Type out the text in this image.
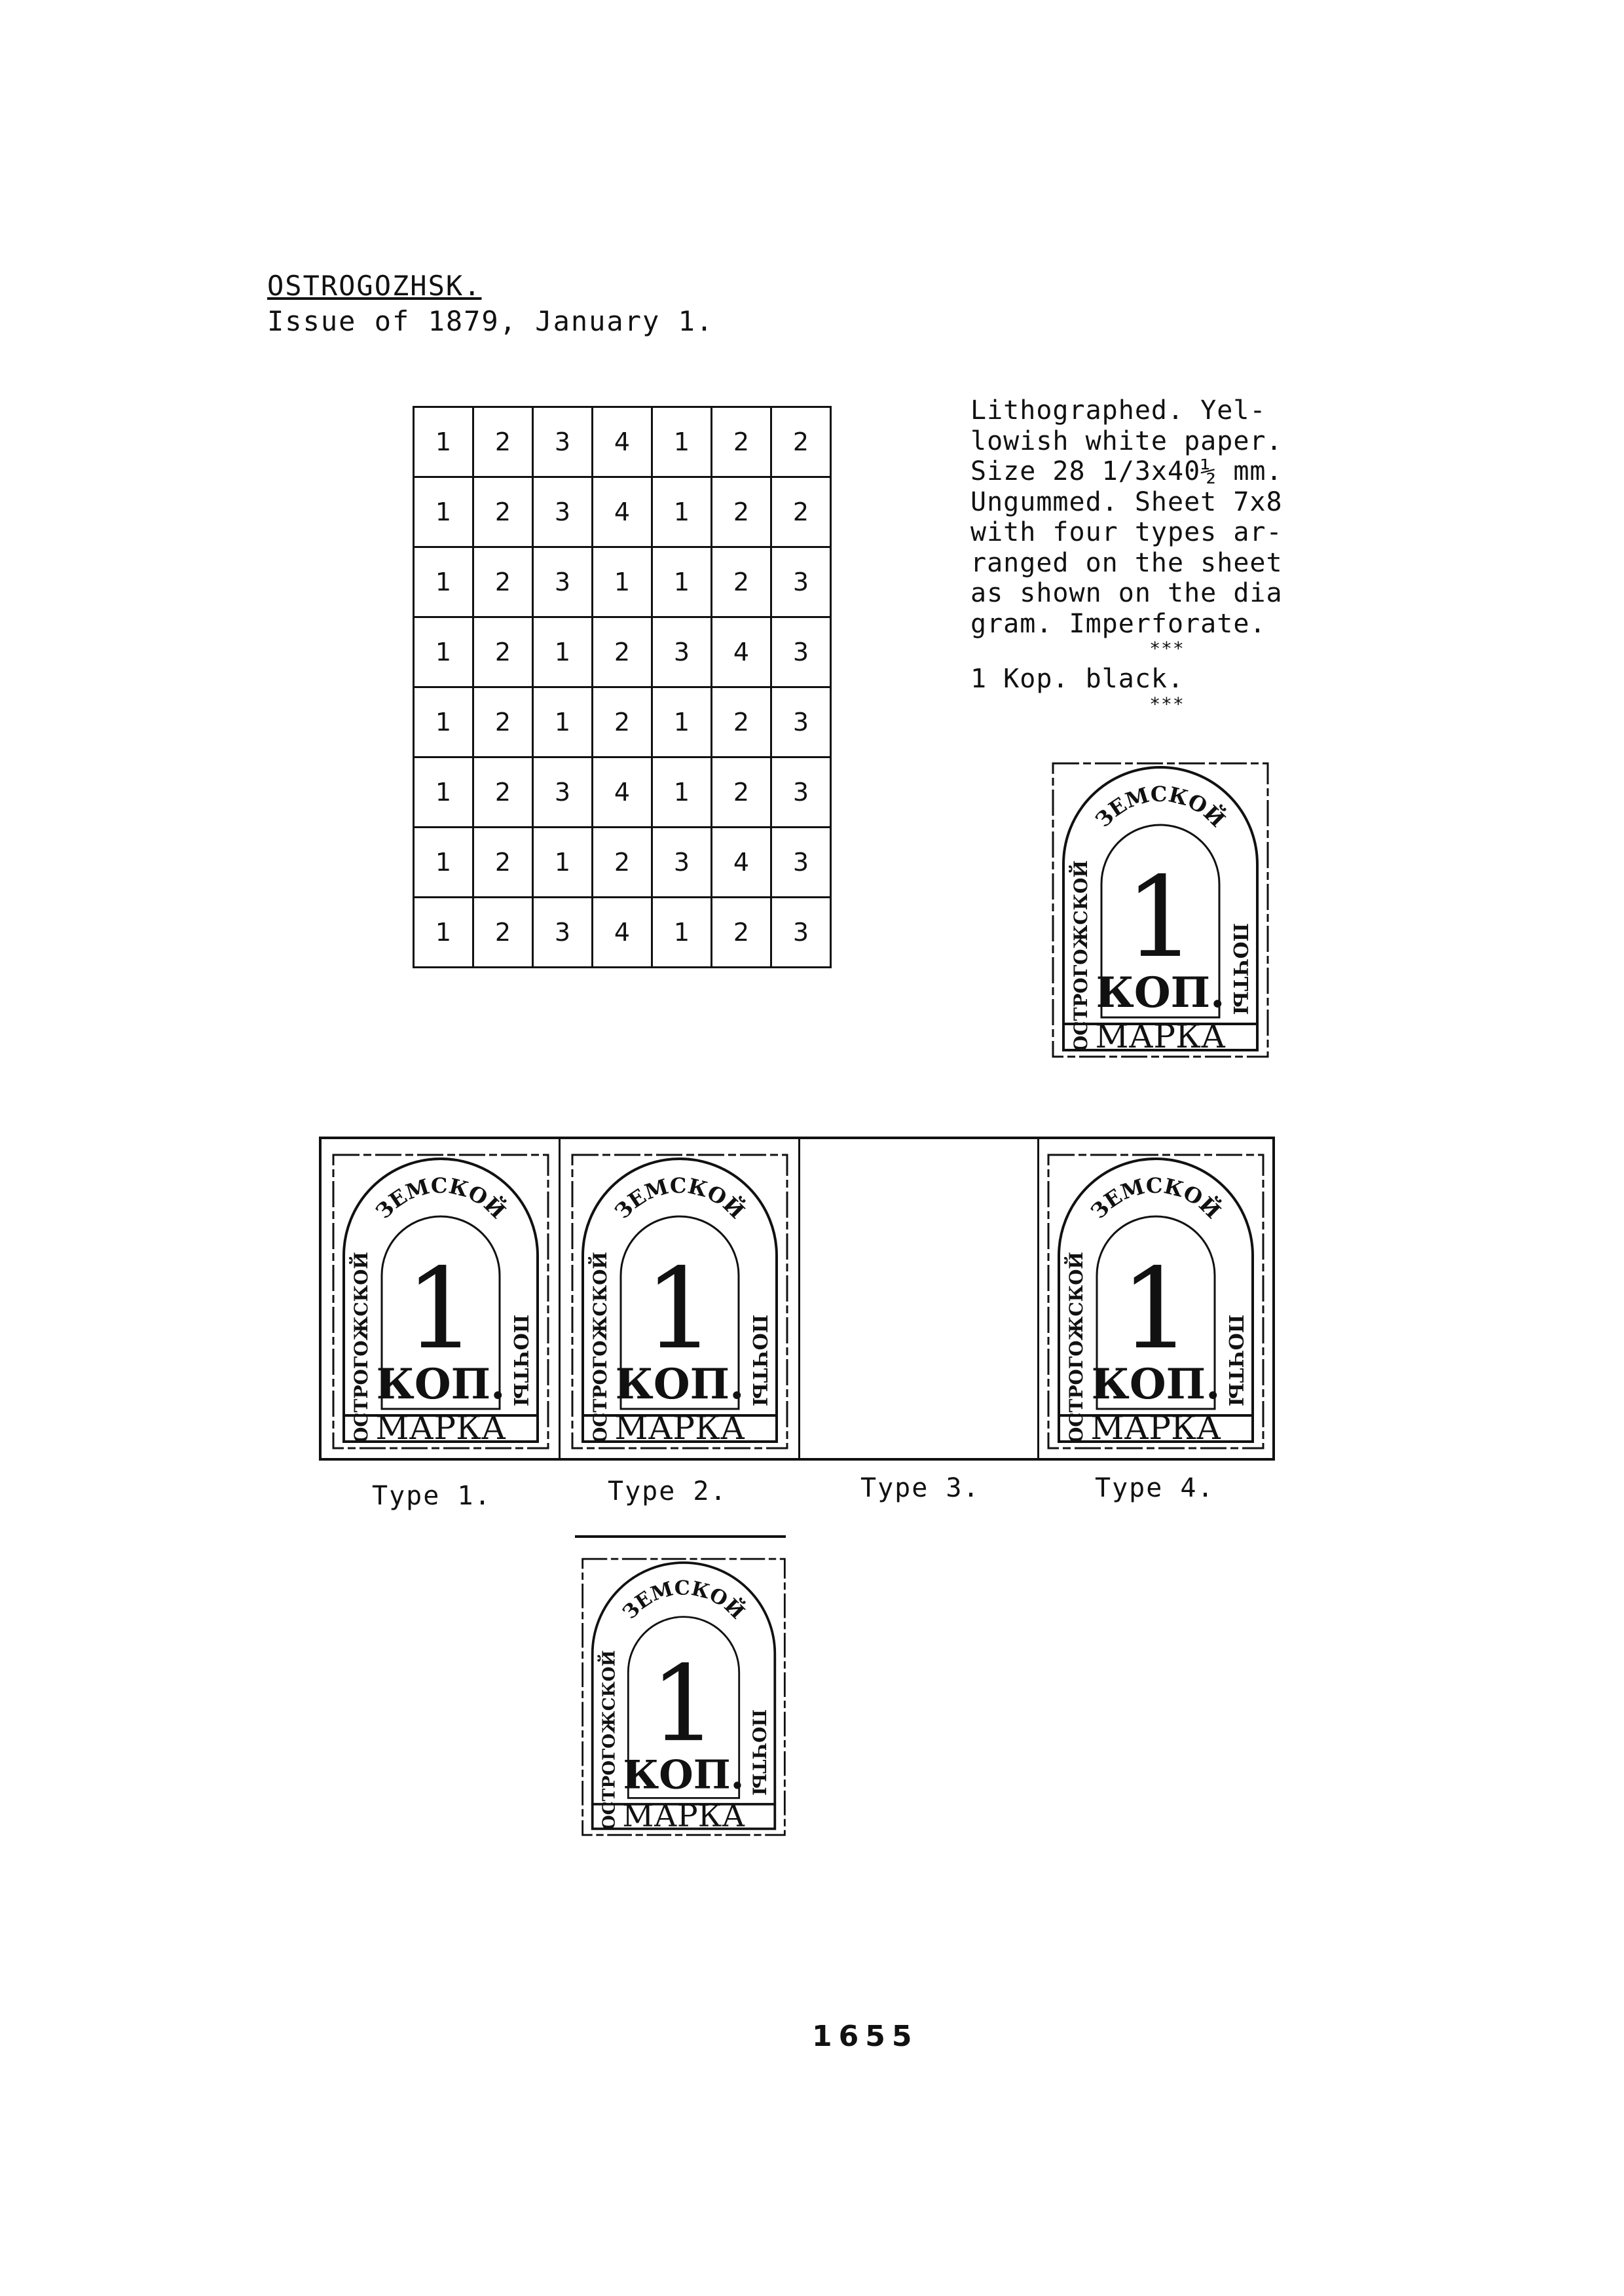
OSTROGOZHSK.
Issue of 1879, January 1.
1	2	3	4	1	2	2
1	2	3	4	1	2	2
1	2	3	1	1	2	3
1	2	1	2	3	4	3
1	2	1	2	1	2	3
1	2	3	4	1	2	3
1	2	1	2	3	4	3
1	2	3	4	1	2	3
Lithographed. Yel-
lowish white paper.
Size 28 1/3x40½ mm.
Ungummed. Sheet 7x8
with four types ar-
ranged on the sheet
as shown on the dia
gram. Imperforate.
***
1 Kop. black.
***
ЗЕМСКОЙ
ОСТРОГОЖСКОЙ	ПОЧТЫ
1
КОП.
МАРКА
ЗЕМСКОЙ
ОСТРОГОЖСКОЙ	ПОЧТЫ
1
КОП.
МАРКА
ЗЕМСКОЙ
ОСТРОГОЖСКОЙ	ПОЧТЫ
1
КОП.
МАРКА
ЗЕМСКОЙ
ОСТРОГОЖСКОЙ	ПОЧТЫ
1
КОП.
МАРКА
Type 1.	Type 2.	Type 3.	Type 4.
ЗЕМСКОЙ
ОСТРОГОЖСКОЙ	ПОЧТЫ
1
КОП.
МАРКА
1655
